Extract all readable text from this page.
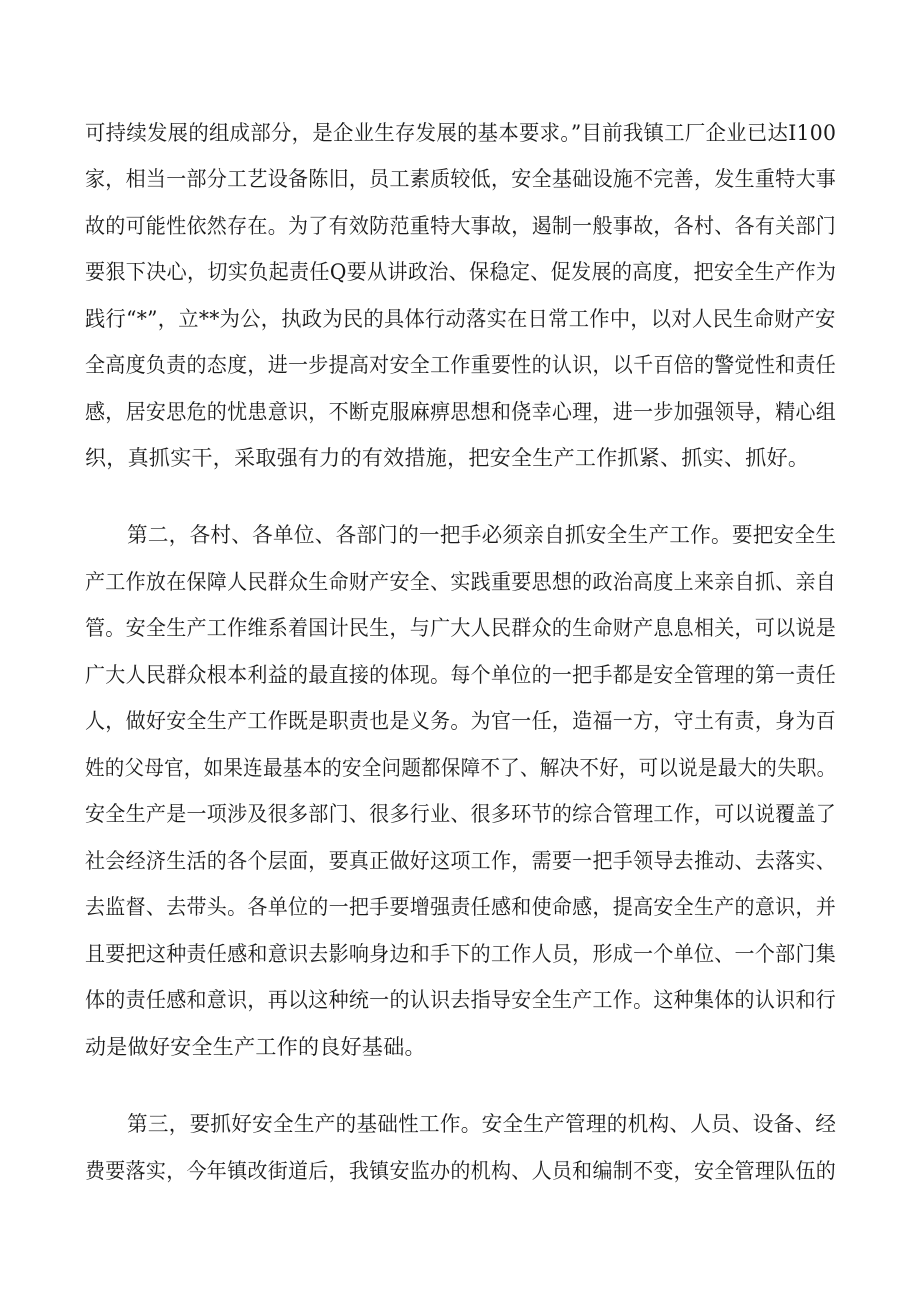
可持续发展的组成部分，是企业生存发展的基本要求。”目前我镇工厂企业已达I100
家，相当一部分工艺设备陈旧，员工素质较低，安全基础设施不完善，发生重特大事
故的可能性依然存在。为了有效防范重特大事故，遏制一般事故，各村、各有关部门
要狠下决心，切实负起责任Q要从讲政治、保稳定、促发展的高度，把安全生产作为
践行“*”，立**为公，执政为民的具体行动落实在日常工作中，以对人民生命财产安
全高度负责的态度，进一步提高对安全工作重要性的认识，以千百倍的警觉性和责任
感，居安思危的忧患意识，不断克服麻痹思想和侥幸心理，进一步加强领导，精心组
织，真抓实干，采取强有力的有效措施，把安全生产工作抓紧、抓实、抓好。
第二，各村、各单位、各部门的一把手必须亲自抓安全生产工作。要把安全生
产工作放在保障人民群众生命财产安全、实践重要思想的政治高度上来亲自抓、亲自
管。安全生产工作维系着国计民生，与广大人民群众的生命财产息息相关，可以说是
广大人民群众根本利益的最直接的体现。每个单位的一把手都是安全管理的第一责任
人，做好安全生产工作既是职责也是义务。为官一任，造福一方，守土有责，身为百
姓的父母官，如果连最基本的安全问题都保障不了、解决不好，可以说是最大的失职。
安全生产是一项涉及很多部门、很多行业、很多环节的综合管理工作，可以说覆盖了
社会经济生活的各个层面，要真正做好这项工作，需要一把手领导去推动、去落实、
去监督、去带头。各单位的一把手要增强责任感和使命感，提高安全生产的意识，并
且要把这种责任感和意识去影响身边和手下的工作人员，形成一个单位、一个部门集
体的责任感和意识，再以这种统一的认识去指导安全生产工作。这种集体的认识和行
动是做好安全生产工作的良好基础。
第三，要抓好安全生产的基础性工作。安全生产管理的机构、人员、设备、经
费要落实，今年镇改街道后，我镇安监办的机构、人员和编制不变，安全管理队伍的
